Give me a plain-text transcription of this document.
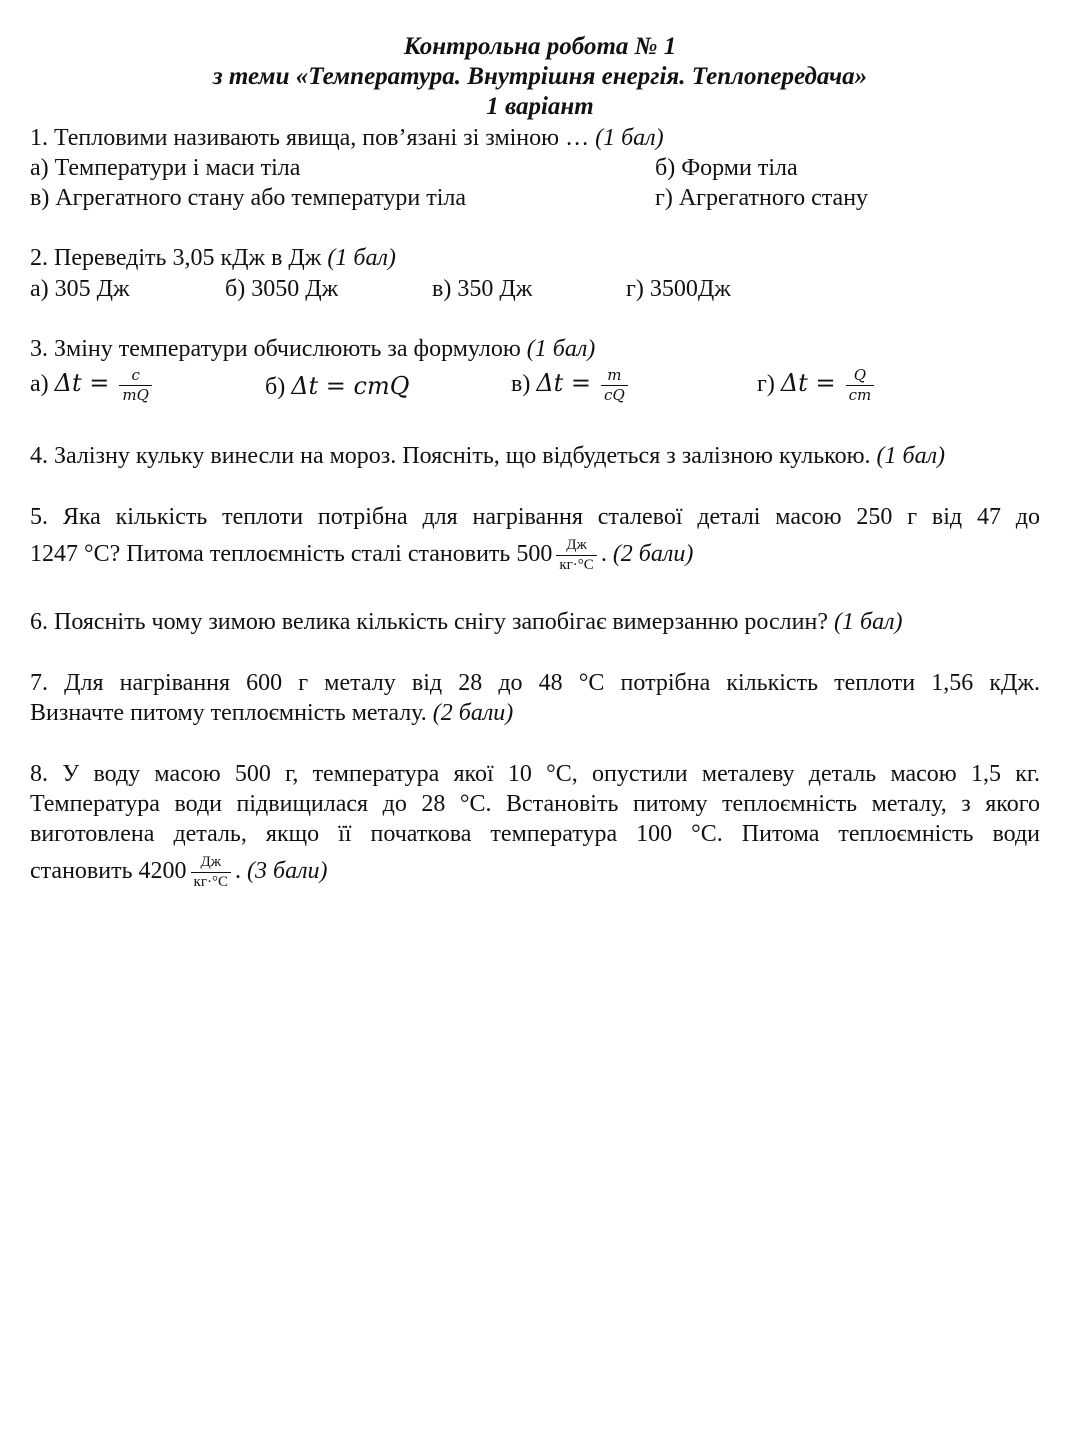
Контрольна робота № 1
з теми «Температура. Внутрішня енергія. Теплопередача»
1 варіант
1. Тепловими називають явища, пов’язані зі зміною … (1 бал)
а) Температури і маси тіла	б) Форми тіла
в) Агрегатного стану або температури тіла	г) Агрегатного стану
2. Переведіть 3,05 кДж в Дж (1 бал)
а) 305 Дж	б) 3050 Дж	в) 350 Дж	г) 3500Дж
3. Зміну температури обчислюють за формулою (1 бал)
а) $\Delta t = \frac{c}{mQ}$	б) Δt = cmQ	в) $\Delta t = \frac{m}{cQ}$	г) $\Delta t = \frac{Q}{cm}$
4. Залізну кульку винесли на мороз. Поясніть, що відбудеться з залізною кулькою. (1 бал)
5. Яка кількість теплоти потрібна для нагрівання сталевої деталі масою 250 г від 47 до
1247 °C? Питома теплоємність сталі становить $500 \frac{Дж}{кг\cdot^\circ C}$ . (2 бали)
6. Поясніть чому зимою велика кількість снігу запобігає вимерзанню рослин? (1 бал)
7. Для нагрівання 600 г металу від 28 до 48 °C потрібна кількість теплоти 1,56 кДж.
Визначте питому теплоємність металу. (2 бали)
8. У воду масою 500 г, температура якої 10 °C, опустили металеву деталь масою 1,5 кг.
Температура води підвищилася до 28 °C. Встановіть питому теплоємність металу, з якого
виготовлена деталь, якщо її початкова температура 100 °C. Питома теплоємність води
становить $4200 \frac{Дж}{кг\cdot^\circ C}$ . (3 бали)
